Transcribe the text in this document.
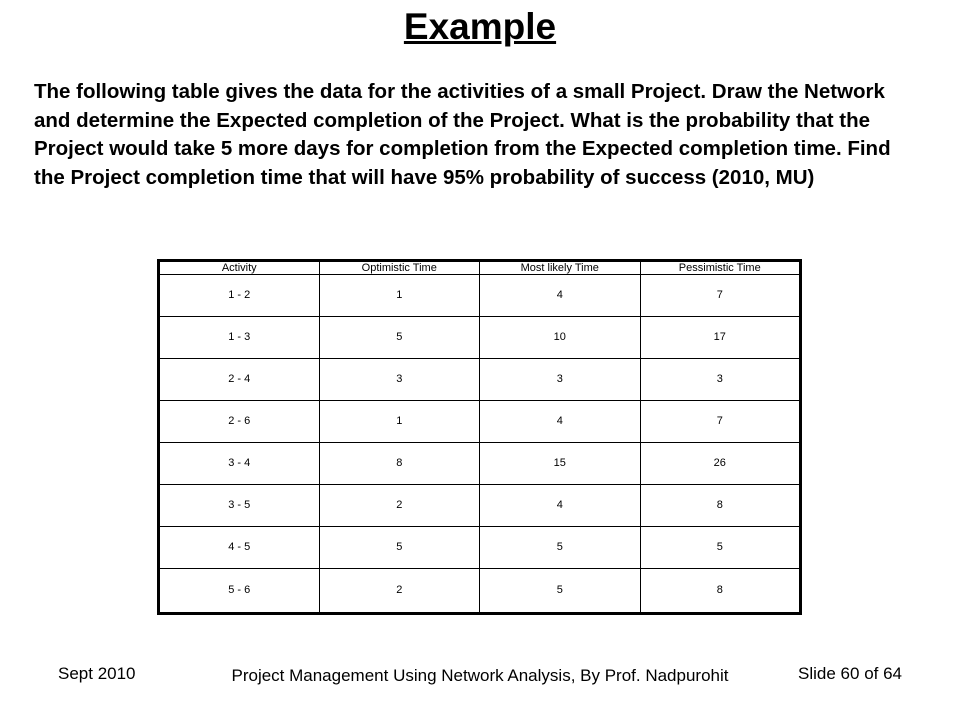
Example
The following table gives the data for the activities of a small Project. Draw the Network and determine the Expected completion of the Project. What is the probability that the Project would take 5 more days for completion from the Expected completion time. Find the Project completion time that will have 95% probability of success (2010, MU)
Activity	Optimistic Time	Most likely Time	Pessimistic Time
1 - 2	1	4	7
1 - 3	5	10	17
2 - 4	3	3	3
2 - 6	1	4	7
3 - 4	8	15	26
3 - 5	2	4	8
4 - 5	5	5	5
5 - 6	2	5	8
Sept 2010	Project Management Using Network Analysis, By Prof. Nadpurohit	Slide 60 of 64
